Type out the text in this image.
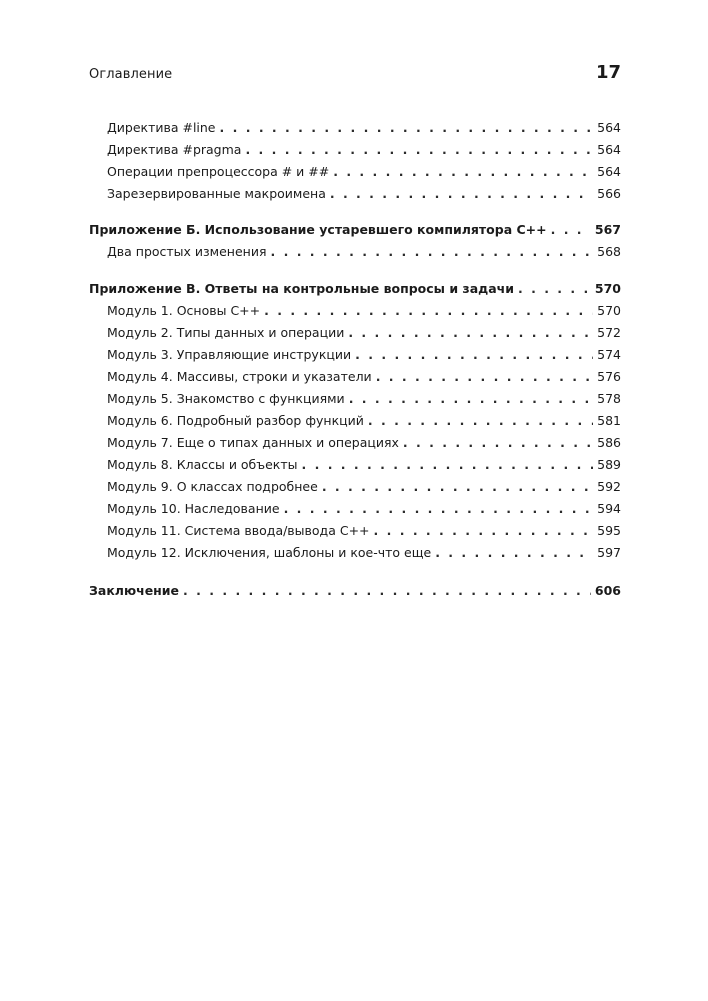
Оглавление	17
Директива #line . . .	564
Директива #pragma . . .	564
Операции препроцессора # и ## . . .	564
Зарезервированные макроимена . . .	566
Приложение Б. Использование устаревшего компилятора C++ . . .	567
Два простых изменения . . .	568
Приложение В. Ответы на контрольные вопросы и задачи . . .	570
Модуль 1. Основы C++ . . .	570
Модуль 2. Типы данных и операции . . .	572
Модуль 3. Управляющие инструкции . . .	574
Модуль 4. Массивы, строки и указатели . . .	576
Модуль 5. Знакомство с функциями . . .	578
Модуль 6. Подробный разбор функций . . .	581
Модуль 7. Еще о типах данных и операциях . . .	586
Модуль 8. Классы и объекты . . .	589
Модуль 9. О классах подробнее . . .	592
Модуль 10. Наследование . . .	594
Модуль 11. Система ввода/вывода C++ . . .	595
Модуль 12. Исключения, шаблоны и кое-что еще . . .	597
Заключение . . .	606
